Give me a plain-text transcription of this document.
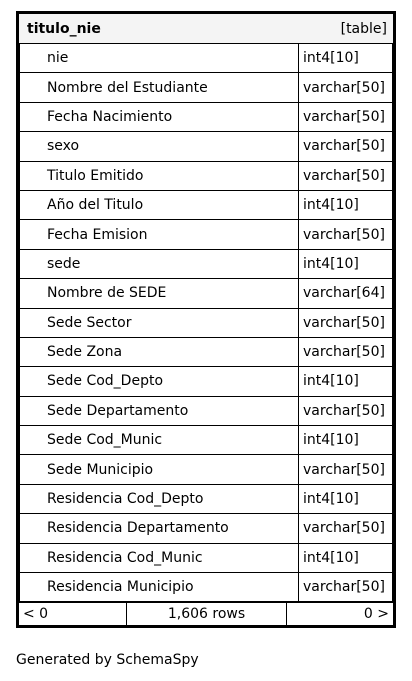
titulo_nie	[table]
nie	int4[10]
Nombre del Estudiante	varchar[50]
Fecha Nacimiento	varchar[50]
sexo	varchar[50]
Titulo Emitido	varchar[50]
Año del Titulo	int4[10]
Fecha Emision	varchar[50]
sede	int4[10]
Nombre de SEDE	varchar[64]
Sede Sector	varchar[50]
Sede Zona	varchar[50]
Sede Cod_Depto	int4[10]
Sede Departamento	varchar[50]
Sede Cod_Munic	int4[10]
Sede Municipio	varchar[50]
Residencia Cod_Depto	int4[10]
Residencia Departamento	varchar[50]
Residencia Cod_Munic	int4[10]
Residencia Municipio	varchar[50]
< 0	1,606 rows	0 >
Generated by SchemaSpy
